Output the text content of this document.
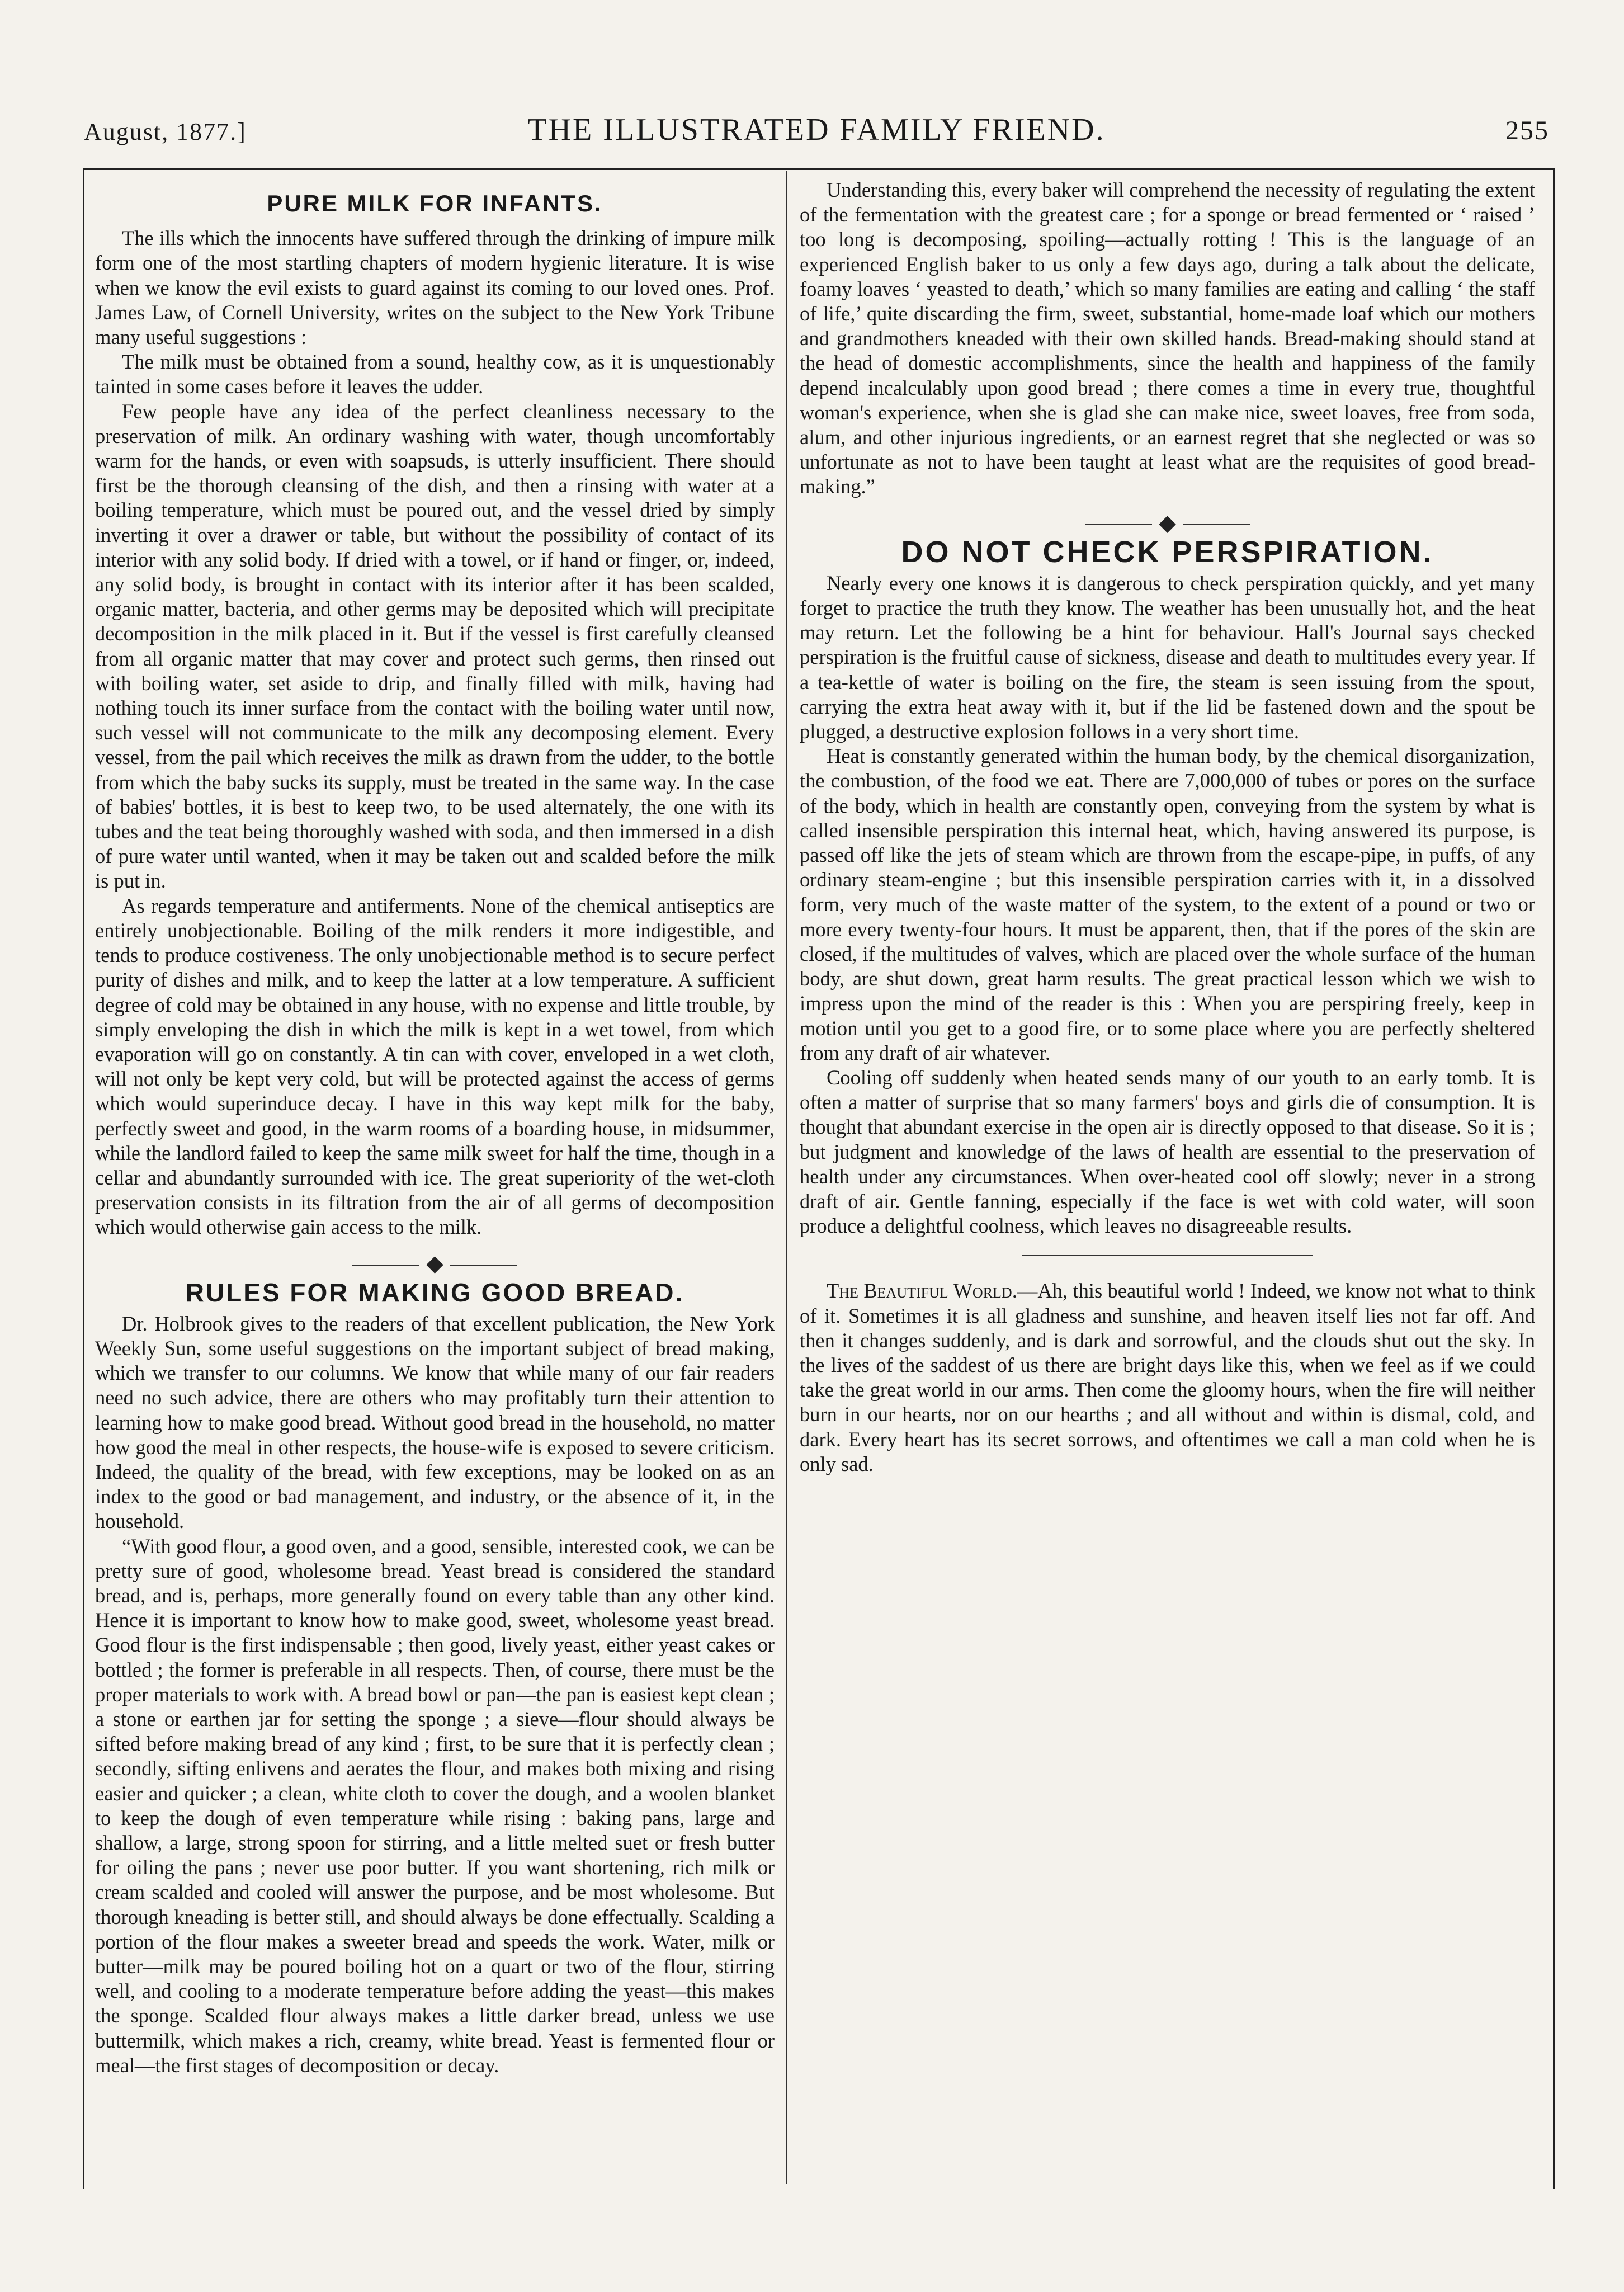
August, 1877.]	THE ILLUSTRATED FAMILY FRIEND.	255
PURE MILK FOR INFANTS.

The ills which the innocents have suffered through the drinking of impure milk form one of the most startling chapters of modern hygienic literature. It is wise when we know the evil exists to guard against its coming to our loved ones. Prof. James Law, of Cornell University, writes on the subject to the New York Tribune many useful suggestions :

The milk must be obtained from a sound, healthy cow, as it is unquestionably tainted in some cases before it leaves the udder.

Few people have any idea of the perfect cleanliness necessary to the preservation of milk. An ordinary washing with water, though uncomfortably warm for the hands, or even with soapsuds, is utterly insufficient. There should first be the thorough cleansing of the dish, and then a rinsing with water at a boiling temperature, which must be poured out, and the vessel dried by simply inverting it over a drawer or table, but without the possibility of contact of its interior with any solid body. If dried with a towel, or if hand or finger, or, indeed, any solid body, is brought in contact with its interior after it has been scalded, organic matter, bacteria, and other germs may be deposited which will precipitate decomposition in the milk placed in it. But if the vessel is first carefully cleansed from all organic matter that may cover and protect such germs, then rinsed out with boiling water, set aside to drip, and finally filled with milk, having had nothing touch its inner surface from the contact with the boiling water until now, such vessel will not communicate to the milk any decomposing element. Every vessel, from the pail which receives the milk as drawn from the udder, to the bottle from which the baby sucks its supply, must be treated in the same way. In the case of babies' bottles, it is best to keep two, to be used alternately, the one with its tubes and the teat being thoroughly washed with soda, and then immersed in a dish of pure water until wanted, when it may be taken out and scalded before the milk is put in.

As regards temperature and antiferments. None of the chemical antiseptics are entirely unobjectionable. Boiling of the milk renders it more indigestible, and tends to produce costiveness. The only unobjectionable method is to secure perfect purity of dishes and milk, and to keep the latter at a low temperature. A sufficient degree of cold may be obtained in any house, with no expense and little trouble, by simply enveloping the dish in which the milk is kept in a wet towel, from which evaporation will go on constantly. A tin can with cover, enveloped in a wet cloth, will not only be kept very cold, but will be protected against the access of germs which would superinduce decay. I have in this way kept milk for the baby, perfectly sweet and good, in the warm rooms of a boarding house, in midsummer, while the landlord failed to keep the same milk sweet for half the time, though in a cellar and abundantly surrounded with ice. The great superiority of the wet-cloth preservation consists in its filtration from the air of all germs of decomposition which would otherwise gain access to the milk.

◆
RULES FOR MAKING GOOD BREAD.

Dr. Holbrook gives to the readers of that excellent publication, the New York Weekly Sun, some useful suggestions on the important subject of bread making, which we transfer to our columns. We know that while many of our fair readers need no such advice, there are others who may profitably turn their attention to learning how to make good bread. Without good bread in the household, no matter how good the meal in other respects, the house-wife is exposed to severe criticism. Indeed, the quality of the bread, with few exceptions, may be looked on as an index to the good or bad management, and industry, or the absence of it, in the household.

“With good flour, a good oven, and a good, sensible, interested cook, we can be pretty sure of good, wholesome bread. Yeast bread is considered the standard bread, and is, perhaps, more generally found on every table than any other kind. Hence it is important to know how to make good, sweet, wholesome yeast bread. Good flour is the first indispensable ; then good, lively yeast, either yeast cakes or bottled ; the former is preferable in all respects. Then, of course, there must be the proper materials to work with. A bread bowl or pan—the pan is easiest kept clean ; a stone or earthen jar for setting the sponge ; a sieve—flour should always be sifted before making bread of any kind ; first, to be sure that it is perfectly clean ; secondly, sifting enlivens and aerates the flour, and makes both mixing and rising easier and quicker ; a clean, white cloth to cover the dough, and a woolen blanket to keep the dough of even temperature while rising : baking pans, large and shallow, a large, strong spoon for stirring, and a little melted suet or fresh butter for oiling the pans ; never use poor butter. If you want shortening, rich milk or cream scalded and cooled will answer the purpose, and be most wholesome. But thorough kneading is better still, and should always be done effectually. Scalding a portion of the flour makes a sweeter bread and speeds the work. Water, milk or butter—milk may be poured boiling hot on a quart or two of the flour, stirring well, and cooling to a moderate temperature before adding the yeast—this makes the sponge. Scalded flour always makes a little darker bread, unless we use buttermilk, which makes a rich, creamy, white bread. Yeast is fermented flour or meal—the first stages of decomposition or decay.

Understanding this, every baker will comprehend the necessity of regulating the extent of the fermentation with the greatest care ; for a sponge or bread fermented or ‘ raised ’ too long is decomposing, spoiling—actually rotting ! This is the language of an experienced English baker to us only a few days ago, during a talk about the delicate, foamy loaves ‘ yeasted to death,’ which so many families are eating and calling ‘ the staff of life,’ quite discarding the firm, sweet, substantial, home-made loaf which our mothers and grandmothers kneaded with their own skilled hands. Bread-making should stand at the head of domestic accomplishments, since the health and happiness of the family depend incalculably upon good bread ; there comes a time in every true, thoughtful woman's experience, when she is glad she can make nice, sweet loaves, free from soda, alum, and other injurious ingredients, or an earnest regret that she neglected or was so unfortunate as not to have been taught at least what are the requisites of good bread-making.”

◆
DO NOT CHECK PERSPIRATION.

Nearly every one knows it is dangerous to check perspiration quickly, and yet many forget to practice the truth they know. The weather has been unusually hot, and the heat may return. Let the following be a hint for behaviour. Hall's Journal says checked perspiration is the fruitful cause of sickness, disease and death to multitudes every year. If a tea-kettle of water is boiling on the fire, the steam is seen issuing from the spout, carrying the extra heat away with it, but if the lid be fastened down and the spout be plugged, a destructive explosion follows in a very short time.

Heat is constantly generated within the human body, by the chemical disorganization, the combustion, of the food we eat. There are 7,000,000 of tubes or pores on the surface of the body, which in health are constantly open, conveying from the system by what is called insensible perspiration this internal heat, which, having answered its purpose, is passed off like the jets of steam which are thrown from the escape-pipe, in puffs, of any ordinary steam-engine ; but this insensible perspiration carries with it, in a dissolved form, very much of the waste matter of the system, to the extent of a pound or two or more every twenty-four hours. It must be apparent, then, that if the pores of the skin are closed, if the multitudes of valves, which are placed over the whole surface of the human body, are shut down, great harm results. The great practical lesson which we wish to impress upon the mind of the reader is this : When you are perspiring freely, keep in motion until you get to a good fire, or to some place where you are perfectly sheltered from any draft of air whatever.

Cooling off suddenly when heated sends many of our youth to an early tomb. It is often a matter of surprise that so many farmers' boys and girls die of consumption. It is thought that abundant exercise in the open air is directly opposed to that disease. So it is ; but judgment and knowledge of the laws of health are essential to the preservation of health under any circumstances. When over-heated cool off slowly; never in a strong draft of air. Gentle fanning, especially if the face is wet with cold water, will soon produce a delightful coolness, which leaves no disagreeable results.

The Beautiful World.—Ah, this beautiful world ! Indeed, we know not what to think of it. Sometimes it is all gladness and sunshine, and heaven itself lies not far off. And then it changes suddenly, and is dark and sorrowful, and the clouds shut out the sky. In the lives of the saddest of us there are bright days like this, when we feel as if we could take the great world in our arms. Then come the gloomy hours, when the fire will neither burn in our hearts, nor on our hearths ; and all without and within is dismal, cold, and dark. Every heart has its secret sorrows, and oftentimes we call a man cold when he is only sad.
